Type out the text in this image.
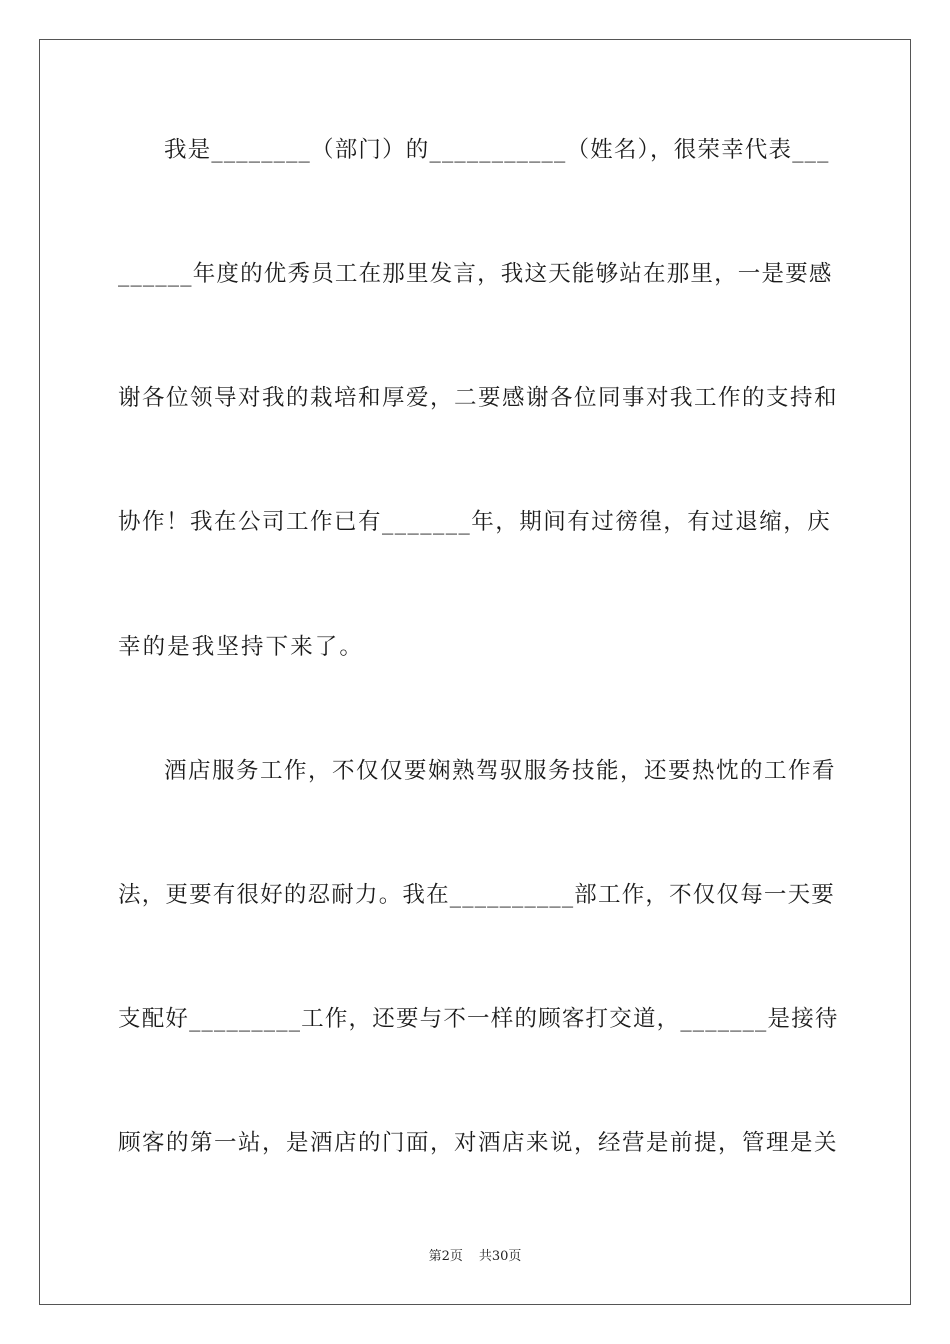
我是________（部门）的___________（姓名），很荣幸代表___
______年度的优秀员工在那里发言，我这天能够站在那里，一是要感
谢各位领导对我的栽培和厚爱，二要感谢各位同事对我工作的支持和
协作！我在公司工作已有_______年，期间有过徬徨，有过退缩，庆
幸的是我坚持下来了。
酒店服务工作，不仅仅要娴熟驾驭服务技能，还要热忱的工作看
法，更要有很好的忍耐力。我在__________部工作，不仅仅每一天要
支配好_________工作，还要与不一样的顾客打交道，_______是接待
顾客的第一站，是酒店的门面，对酒店来说，经营是前提，管理是关
第2页 共30页
